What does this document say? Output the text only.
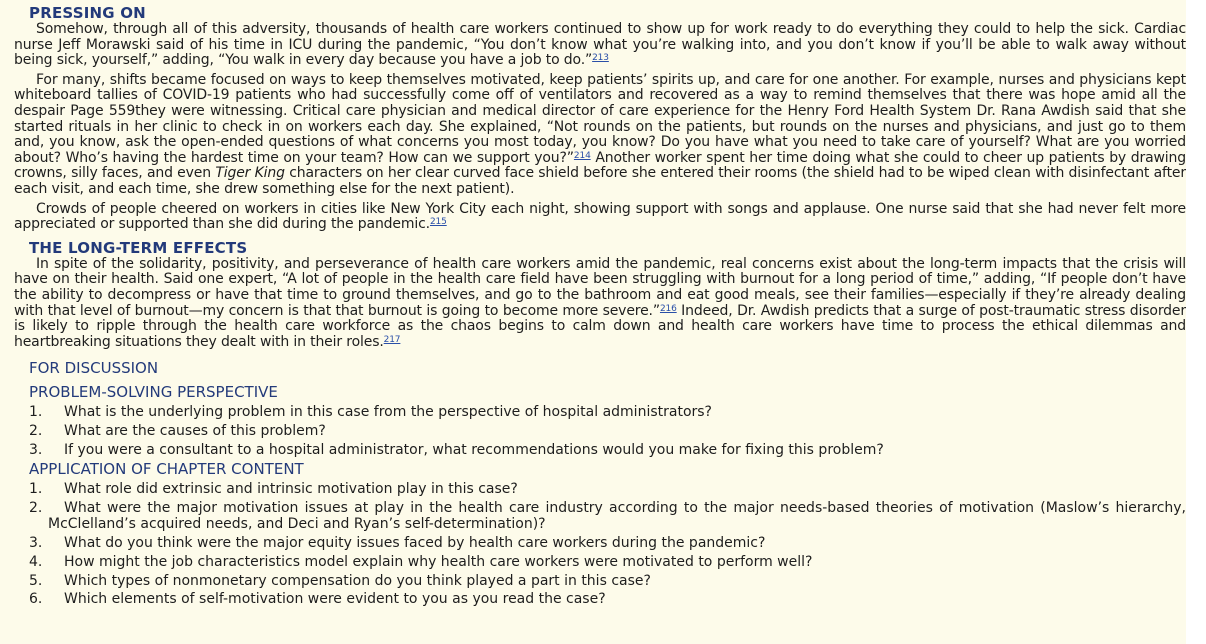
PRESSING ON

Somehow, through all of this adversity, thousands of health care workers continued to show up for work ready to do everything they could to help the sick. Cardiac nurse Jeff Morawski said of his time in ICU during the pandemic, “You don’t know what you’re walking into, and you don’t know if you’ll be able to walk away without being sick, yourself,” adding, “You walk in every day because you have a job to do.”$^{213}$

For many, shifts became focused on ways to keep themselves motivated, keep patients’ spirits up, and care for one another. For example, nurses and physicians kept whiteboard tallies of COVID-19 patients who had successfully come off of ventilators and recovered as a way to remind themselves that there was hope amid all the despair Page 559they were witnessing. Critical care physician and medical director of care experience for the Henry Ford Health System Dr. Rana Awdish said that she started rituals in her clinic to check in on workers each day. She explained, “Not rounds on the patients, but rounds on the nurses and physicians, and just go to them and, you know, ask the open-ended questions of what concerns you most today, you know? Do you have what you need to take care of yourself? What are you worried about? Who’s having the hardest time on your team? How can we support you?”$^{214}$ Another worker spent her time doing what she could to cheer up patients by drawing crowns, silly faces, and even Tiger King characters on her clear curved face shield before she entered their rooms (the shield had to be wiped clean with disinfectant after each visit, and each time, she drew something else for the next patient).

Crowds of people cheered on workers in cities like New York City each night, showing support with songs and applause. One nurse said that she had never felt more appreciated or supported than she did during the pandemic.$^{215}$

THE LONG-TERM EFFECTS

In spite of the solidarity, positivity, and perseverance of health care workers amid the pandemic, real concerns exist about the long-term impacts that the crisis will have on their health. Said one expert, “A lot of people in the health care field have been struggling with burnout for a long period of time,” adding, “If people don’t have the ability to decompress or have that time to ground themselves, and go to the bathroom and eat good meals, see their families—especially if they’re already dealing with that level of burnout—my concern is that that burnout is going to become more severe.”$^{216}$ Indeed, Dr. Awdish predicts that a surge of post-traumatic stress disorder is likely to ripple through the health care workforce as the chaos begins to calm down and health care workers have time to process the ethical dilemmas and heartbreaking situations they dealt with in their roles.$^{217}$

FOR DISCUSSION
PROBLEM-SOLVING PERSPECTIVE
1. What is the underlying problem in this case from the perspective of hospital administrators?
2. What are the causes of this problem?
3. If you were a consultant to a hospital administrator, what recommendations would you make for fixing this problem?
APPLICATION OF CHAPTER CONTENT
1. What role did extrinsic and intrinsic motivation play in this case?
2.	What were the major motivation issues at play in the health care industry according to the major needs-based theories of motivation (Maslow’s hierarchy, McClelland’s acquired needs, and Deci and Ryan’s self-determination)?
3. What do you think were the major equity issues faced by health care workers during the pandemic?
4. How might the job characteristics model explain why health care workers were motivated to perform well?
5. Which types of nonmonetary compensation do you think played a part in this case?
6. Which elements of self-motivation were evident to you as you read the case?
